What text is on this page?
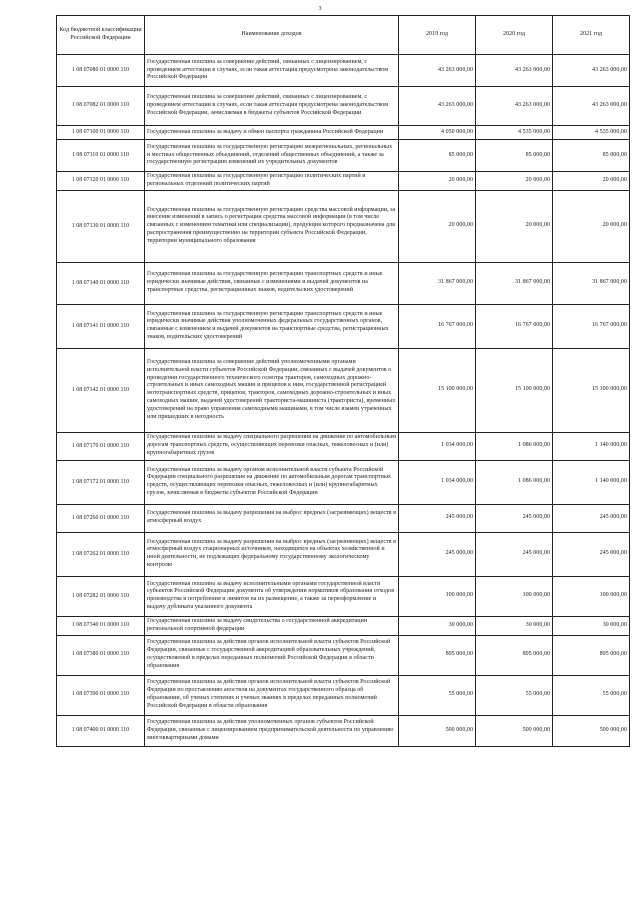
3
Код бюджетной классификации Российской Федерации	Наименование доходов	2019 год	2020 год	2021 год
1 08 07080 01 0000 110	Государственная пошлина за совершение действий, связанных с лицензированием, с проведением аттестации в случаях, если такая аттестация предусмотрена законодательством Российской Федерации	43 263 000,00	43 263 000,00	43 263 000,00
1 08 07082 01 0000 110	Государственная пошлина за совершение действий, связанных с лицензированием, с проведением аттестации в случаях, если такая аттестация предусмотрена законодательством Российской Федерации, зачисляемая в бюджеты субъектов Российской Федерации	43 263 000,00	43 263 000,00	43 263 000,00
1 08 07100 01 0000 110	Государственная пошлина за выдачу и обмен паспорта гражданина Российской Федерации	4 050 000,00	4 535 000,00	4 535 000,00
1 08 07110 01 0000 110	Государственная пошлина за государственную регистрацию межрегиональных, региональных и местных общественных объединений, отделений общественных объединений, а также за государственную регистрацию изменений их учредительных документов	85 000,00	85 000,00	85 000,00
1 08 07120 01 0000 110	Государственная пошлина за государственную регистрацию политических партий и региональных отделений политических партий	20 000,00	20 000,00	20 000,00
1 08 07130 01 0000 110	Государственная пошлина за государственную регистрацию средства массовой информации, за внесение изменений в запись о регистрации средства массовой информации (в том числе связанных с изменением тематики или специализации), продукция которого предназначена для распространения преимущественно на территории субъекта Российской Федерации, территории муниципального образования	20 000,00	20 000,00	20 000,00
1 08 07140 01 0000 110	Государственная пошлина за государственную регистрацию транспортных средств и иные юридически значимые действия, связанные с изменениями и выдачей документов на транспортные средства, регистрационных знаков, водительских удостоверений	31 867 000,00	31 867 000,00	31 867 000,00
1 08 07141 01 0000 110	Государственная пошлина за государственную регистрацию транспортных средств и иные юридически значимые действия уполномоченных федеральных государственных органов, связанные с изменением и выдачей документов на транспортные средства, регистрационных знаков, водительских удостоверений	16 767 000,00	16 767 000,00	16 767 000,00
1 08 07142 01 0000 110	Государственная пошлина за совершение действий уполномоченными органами исполнительной власти субъектов Российской Федерации, связанных с выдачей документов о проведении государственного технического осмотра тракторов, самоходных дорожно-строительных и иных самоходных машин и прицепов к ним, государственной регистрацией мототранспортных средств, прицепов, тракторов, самоходных дорожно-строительных и иных самоходных машин, выдачей удостоверений тракториста-машиниста (тракториста), временных удостоверений на право управления самоходными машинами, в том числе взамен утраченных или пришедших в негодность	15 100 000,00	15 100 000,00	15 100 000,00
1 08 07170 01 0000 110	Государственная пошлина за выдачу специального разрешения на движение по автомобильным дорогам транспортных средств, осуществляющих перевозки опасных, тяжеловесных и (или) крупногабаритных грузов	1 034 000,00	1 086 000,00	1 140 000,00
1 08 07172 01 0000 110	Государственная пошлина за выдачу органом исполнительной власти субъекта Российской Федерации специального разрешения на движение по автомобильным дорогам транспортных средств, осуществляющих перевозки опасных, тяжеловесных и (или) крупногабаритных грузов, зачисляемая в бюджеты субъектов Российской Федерации	1 034 000,00	1 086 000,00	1 140 000,00
1 08 07260 01 0000 110	Государственная пошлина за выдачу разрешения на выброс вредных (загрязняющих) веществ в атмосферный воздух	245 000,00	245 000,00	245 000,00
1 08 07262 01 0000 110	Государственная пошлина за выдачу разрешения на выброс вредных (загрязняющих) веществ в атмосферный воздух стационарных источников, находящихся на объектах хозяйственной и иной деятельности, не подлежащих федеральному государственному экологическому контролю	245 000,00	245 000,00	245 000,00
1 08 07282 01 0000 110	Государственная пошлина за выдачу исполнительными органами государственной власти субъектов Российской Федерации документа об утверждении нормативов образования отходов производства и потребления и лимитов на их размещение, а также за переоформление и выдачу дубликата указанного документа	100 000,00	100 000,00	100 000,00
1 08 07340 01 0000 110	Государственная пошлина за выдачу свидетельства о государственной аккредитации региональной спортивной федерации	30 000,00	30 000,00	30 000,00
1 08 07380 01 0000 110	Государственная пошлина за действия органов исполнительной власти субъектов Российской Федерации, связанные с государственной аккредитацией образовательных учреждений, осуществляемой в пределах переданных полномочий Российской Федерации в области образования	895 000,00	895 000,00	895 000,00
1 08 07390 01 0000 110	Государственная пошлина за действия органов исполнительной власти субъектов Российской Федерации по проставлению апостиля на документах государственного образца об образовании, об ученых степенях и ученых званиях в пределах переданных полномочий Российской Федерации в области образования	55 000,00	55 000,00	55 000,00
1 08 07400 01 0000 110	Государственная пошлина за действия уполномоченных органов субъектов Российской Федерации, связанные с лицензированием предпринимательской деятельности по управлению многоквартирными домами	500 000,00	500 000,00	500 000,00
